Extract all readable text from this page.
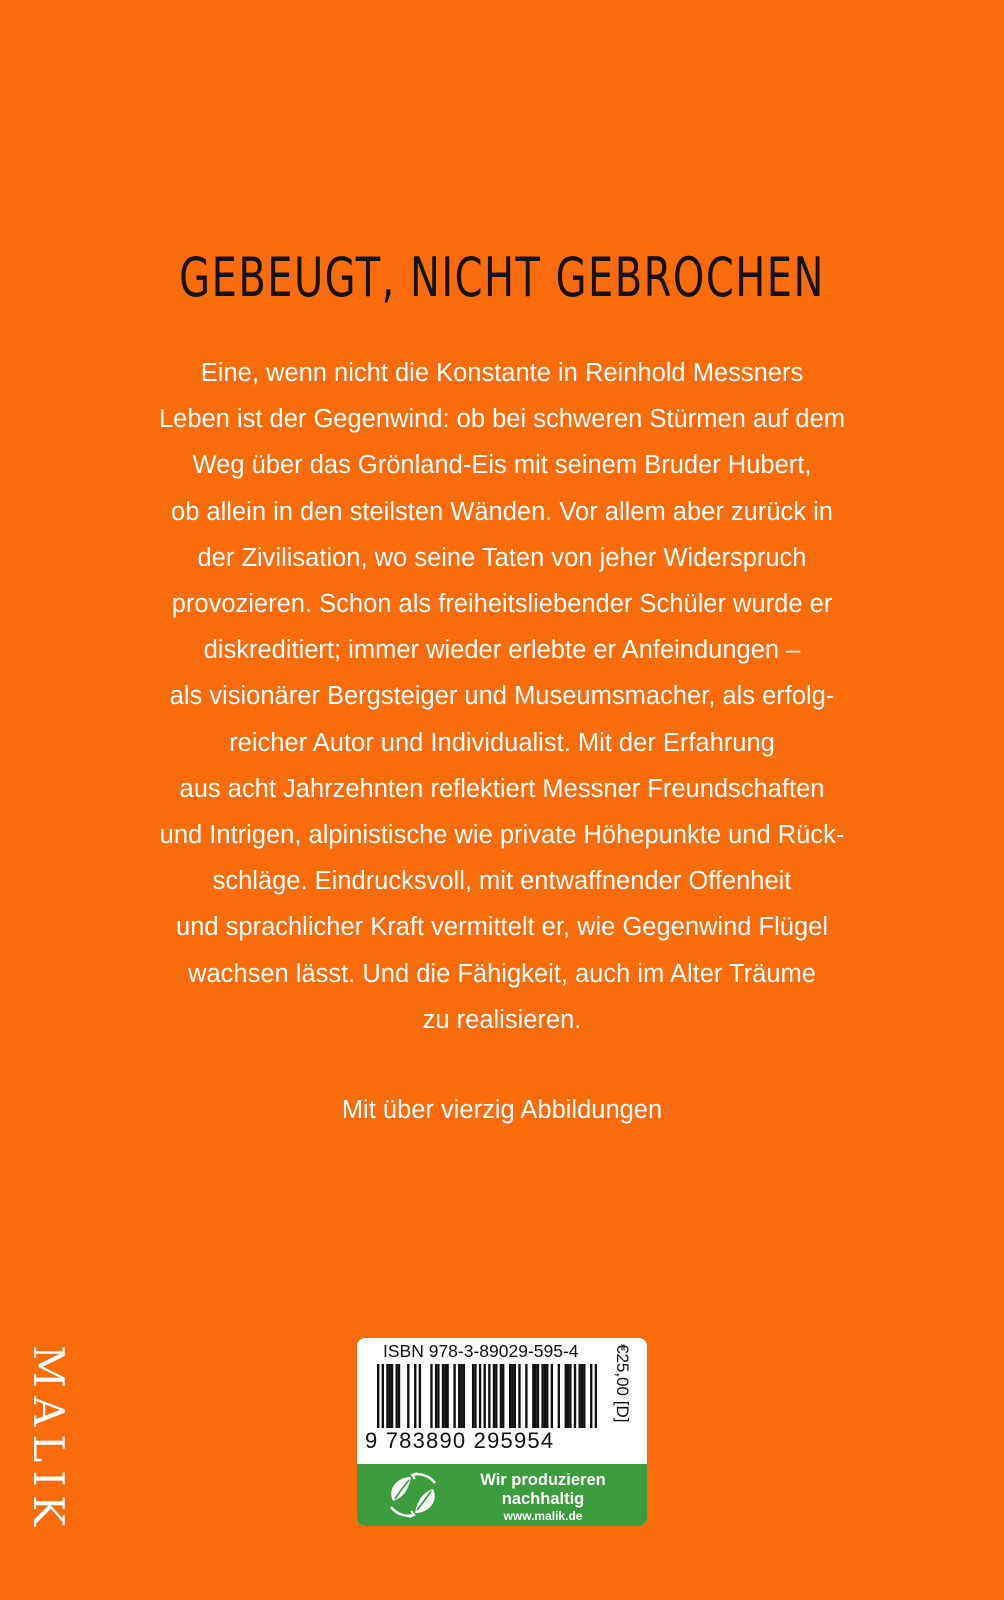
GEBEUGT, NICHT GEBROCHEN

Eine, wenn nicht die Konstante in Reinhold Messners
Leben ist der Gegenwind: ob bei schweren Stürmen auf dem
Weg über das Grönland-Eis mit seinem Bruder Hubert,
ob allein in den steilsten Wänden. Vor allem aber zurück in
der Zivilisation, wo seine Taten von jeher Widerspruch
provozieren. Schon als freiheitsliebender Schüler wurde er
diskreditiert; immer wieder erlebte er Anfeindungen –
als visionärer Bergsteiger und Museumsmacher, als erfolg-
reicher Autor und Individualist. Mit der Erfahrung
aus acht Jahrzehnten reflektiert Messner Freundschaften
und Intrigen, alpinistische wie private Höhepunkte und Rück-
schläge. Eindrucksvoll, mit entwaffnender Offenheit
und sprachlicher Kraft vermittelt er, wie Gegenwind Flügel
wachsen lässt. Und die Fähigkeit, auch im Alter Träume
zu realisieren.

Mit über vierzig Abbildungen

MALIK	ISBN 978-3-89029-595-4
9 783890 295954
€25,00 [D]
Wir produzieren
nachhaltig
www.malik.de
